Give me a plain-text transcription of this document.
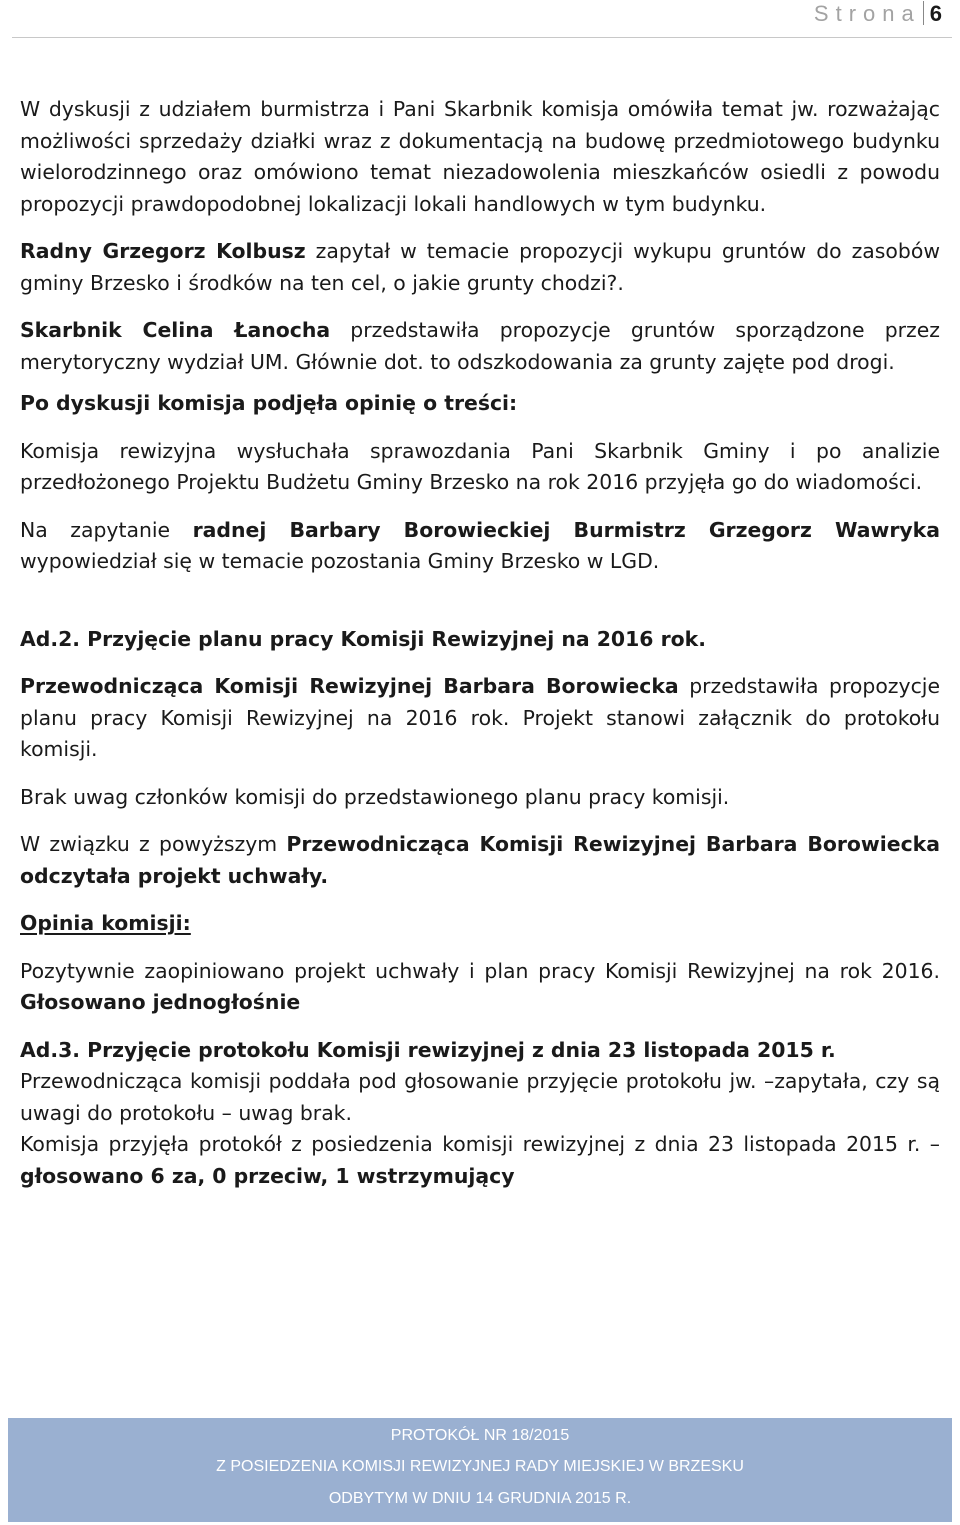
Strona 6

W dyskusji z udziałem burmistrza i Pani Skarbnik komisja omówiła temat jw. rozważając możliwości sprzedaży działki wraz z dokumentacją na budowę przedmiotowego budynku wielorodzinnego oraz omówiono temat niezadowolenia mieszkańców osiedli z powodu propozycji prawdopodobnej lokalizacji lokali handlowych w tym budynku.

Radny Grzegorz Kolbusz zapytał w temacie propozycji wykupu gruntów do zasobów gminy Brzesko i środków na ten cel, o jakie grunty chodzi?.

Skarbnik Celina Łanocha przedstawiła propozycje gruntów sporządzone przez merytoryczny wydział UM. Głównie dot. to odszkodowania za grunty zajęte pod drogi.

Po dyskusji komisja podjęła opinię o treści:

Komisja rewizyjna wysłuchała sprawozdania Pani Skarbnik Gminy i po analizie przedłożonego Projektu Budżetu Gminy Brzesko na rok 2016 przyjęła go do wiadomości.

Na zapytanie radnej Barbary Borowieckiej Burmistrz Grzegorz Wawryka wypowiedział się w temacie pozostania Gminy Brzesko w LGD.

Ad.2. Przyjęcie planu pracy Komisji Rewizyjnej na 2016 rok.

Przewodnicząca Komisji Rewizyjnej Barbara Borowiecka przedstawiła propozycje planu pracy Komisji Rewizyjnej na 2016 rok. Projekt stanowi załącznik do protokołu komisji.

Brak uwag członków komisji do przedstawionego planu pracy komisji.

W związku z powyższym Przewodnicząca Komisji Rewizyjnej Barbara Borowiecka odczytała projekt uchwały.

Opinia komisji:

Pozytywnie zaopiniowano projekt uchwały i plan pracy Komisji Rewizyjnej na rok 2016. Głosowano jednogłośnie

Ad.3. Przyjęcie protokołu Komisji rewizyjnej z dnia 23 listopada 2015 r.

Przewodnicząca komisji poddała pod głosowanie przyjęcie protokołu jw. –zapytała, czy są uwagi do protokołu – uwag brak.

Komisja przyjęła protokół z posiedzenia komisji rewizyjnej z dnia 23 listopada 2015 r. – głosowano 6 za, 0 przeciw, 1 wstrzymujący

PROTOKÓŁ NR 18/2015
Z POSIEDZENIA KOMISJI REWIZYJNEJ RADY MIEJSKIEJ W BRZESKU
ODBYTYM W DNIU 14 GRUDNIA 2015 R.
